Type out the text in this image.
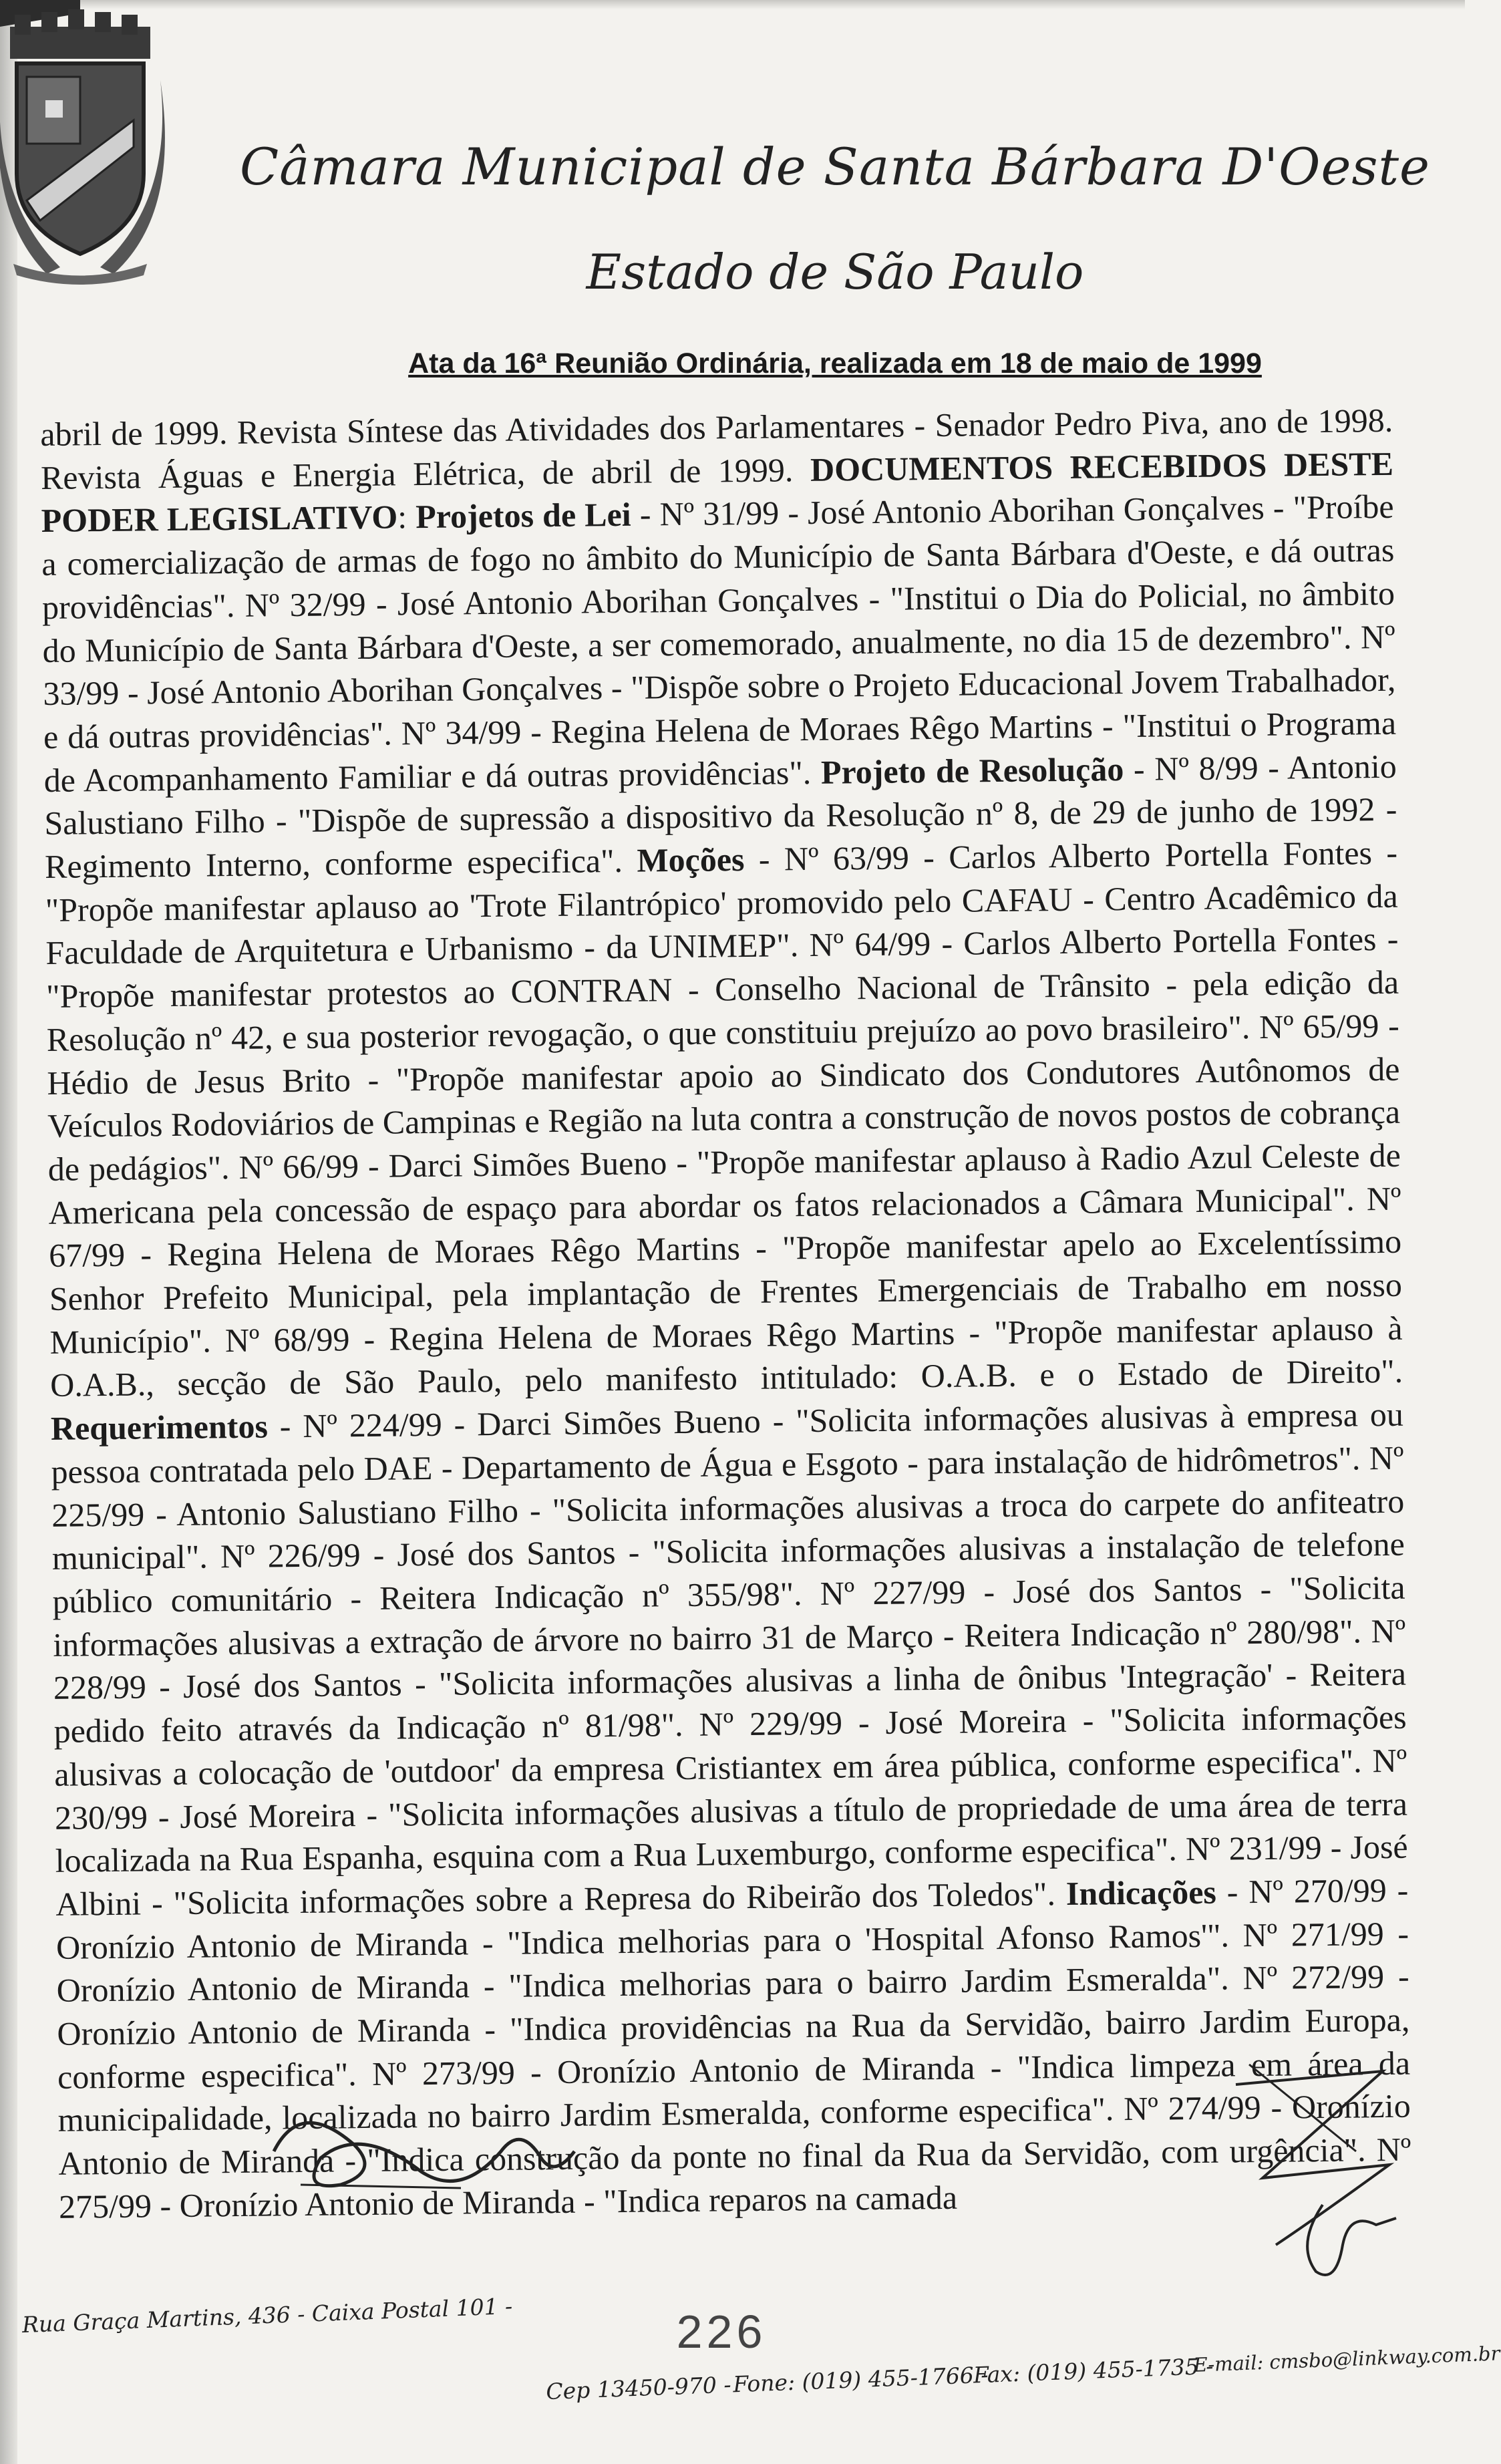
Câmara Municipal de Santa Bárbara D'Oeste
Estado de São Paulo
Ata da 16ª Reunião Ordinária, realizada em 18 de maio de 1999
abril de 1999. Revista Síntese das Atividades dos Parlamentares - Senador Pedro Piva, ano de 1998. Revista Águas e Energia Elétrica, de abril de 1999. DOCUMENTOS RECEBIDOS DESTE PODER LEGISLATIVO: Projetos de Lei - Nº 31/99 - José Antonio Aborihan Gonçalves - "Proíbe a comercialização de armas de fogo no âmbito do Município de Santa Bárbara d'Oeste, e dá outras providências". Nº 32/99 - José Antonio Aborihan Gonçalves - "Institui o Dia do Policial, no âmbito do Município de Santa Bárbara d'Oeste, a ser comemorado, anualmente, no dia 15 de dezembro". Nº 33/99 - José Antonio Aborihan Gonçalves - "Dispõe sobre o Projeto Educacional Jovem Trabalhador, e dá outras providências". Nº 34/99 - Regina Helena de Moraes Rêgo Martins - "Institui o Programa de Acompanhamento Familiar e dá outras providências". Projeto de Resolução - Nº 8/99 - Antonio Salustiano Filho - "Dispõe de supressão a dispositivo da Resolução nº 8, de 29 de junho de 1992 - Regimento Interno, conforme especifica". Moções - Nº 63/99 - Carlos Alberto Portella Fontes - "Propõe manifestar aplauso ao 'Trote Filantrópico' promovido pelo CAFAU - Centro Acadêmico da Faculdade de Arquitetura e Urbanismo - da UNIMEP". Nº 64/99 - Carlos Alberto Portella Fontes - "Propõe manifestar protestos ao CONTRAN - Conselho Nacional de Trânsito - pela edição da Resolução nº 42, e sua posterior revogação, o que constituiu prejuízo ao povo brasileiro". Nº 65/99 - Hédio de Jesus Brito - "Propõe manifestar apoio ao Sindicato dos Condutores Autônomos de Veículos Rodoviários de Campinas e Região na luta contra a construção de novos postos de cobrança de pedágios". Nº 66/99 - Darci Simões Bueno - "Propõe manifestar aplauso à Radio Azul Celeste de Americana pela concessão de espaço para abordar os fatos relacionados a Câmara Municipal". Nº 67/99 - Regina Helena de Moraes Rêgo Martins - "Propõe manifestar apelo ao Excelentíssimo Senhor Prefeito Municipal, pela implantação de Frentes Emergenciais de Trabalho em nosso Município". Nº 68/99 - Regina Helena de Moraes Rêgo Martins - "Propõe manifestar aplauso à O.A.B., secção de São Paulo, pelo manifesto intitulado: O.A.B. e o Estado de Direito". Requerimentos - Nº 224/99 - Darci Simões Bueno - "Solicita informações alusivas à empresa ou pessoa contratada pelo DAE - Departamento de Água e Esgoto - para instalação de hidrômetros". Nº 225/99 - Antonio Salustiano Filho - "Solicita informações alusivas a troca do carpete do anfiteatro municipal". Nº 226/99 - José dos Santos - "Solicita informações alusivas a instalação de telefone público comunitário - Reitera Indicação nº 355/98". Nº 227/99 - José dos Santos - "Solicita informações alusivas a extração de árvore no bairro 31 de Março - Reitera Indicação nº 280/98". Nº 228/99 - José dos Santos - "Solicita informações alusivas a linha de ônibus 'Integração' - Reitera pedido feito através da Indicação nº 81/98". Nº 229/99 - José Moreira - "Solicita informações alusivas a colocação de 'outdoor' da empresa Cristiantex em área pública, conforme especifica". Nº 230/99 - José Moreira - "Solicita informações alusivas a título de propriedade de uma área de terra localizada na Rua Espanha, esquina com a Rua Luxemburgo, conforme especifica". Nº 231/99 - José Albini - "Solicita informações sobre a Represa do Ribeirão dos Toledos". Indicações - Nº 270/99 - Oronízio Antonio de Miranda - "Indica melhorias para o 'Hospital Afonso Ramos'". Nº 271/99 - Oronízio Antonio de Miranda - "Indica melhorias para o bairro Jardim Esmeralda". Nº 272/99 - Oronízio Antonio de Miranda - "Indica providências na Rua da Servidão, bairro Jardim Europa, conforme especifica". Nº 273/99 - Oronízio Antonio de Miranda - "Indica limpeza em área da municipalidade, localizada no bairro Jardim Esmeralda, conforme especifica". Nº 274/99 - Oronízio Antonio de Miranda - "Indica construção da ponte no final da Rua da Servidão, com urgência". Nº 275/99 - Oronízio Antonio de Miranda - "Indica reparos na camada
226
Rua Graça Martins, 436 - Caixa Postal 101 -
Cep 13450-970 - Fone: (019) 455-1766 -
Fax: (019) 455-1735 -
E-mail: cmsbo@linkway.com.br
